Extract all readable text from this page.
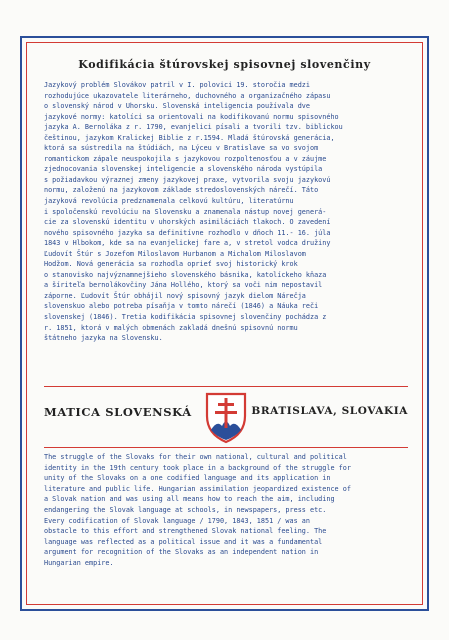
Kodifikácia štúrovskej spisovnej slovenčiny
Jazykový problém Slovákov patril v I. polovici 19. storočia medzi
rozhodujúce ukazovatele literárneho, duchovného a organizačného zápasu
o slovenský národ v Uhorsku. Slovenská inteligencia používala dve
jazykové normy: katolíci sa orientovali na kodifikovanú normu spisovného
jazyka A. Bernoláka z r. 1790, evanjelici písali a tvorili tzv. biblickou
češtinou, jazykom Kralickej Biblie z r.1594. Mladá štúrovská generácia,
ktorá sa sústredila na štúdiách, na Lýceu v Bratislave sa vo svojom
romantickom zápale neuspokojila s jazykovou rozpoltenosťou a v záujme
zjednocovania slovenskej inteligencie a slovenského národa vystúpila
s požiadavkou výraznej zmeny jazykovej praxe, vytvorila svoju jazykovú
normu, založenú na jazykovom základe stredoslovenských nárečí. Táto
jazyková revolúcia predznamenala celkovú kultúru, literatúrnu
i spoločenskú revolúciu na Slovensku a znamenala nástup novej generá-
cie za slovenskú identitu v uhorských asimiláciách tlakoch. O zavedení
nového spisovného jazyka sa definitívne rozhodlo v dňoch 11.- 16. júla
1843 v Hlbokom, kde sa na evanjelickej fare a, v stretol vodca družiny
Ľudovít Štúr s Jozefom Miloslavom Hurbanom a Michalom Miloslavom
Hodžom. Nová generácia sa rozhodla oprieť svoj historický krok
o stanovisko najvýznamnejšieho slovenského básnika, katolíckeho kňaza
a šíriteľa bernolákovčiny Jána Hollého, ktorý sa voči nim nepostavil
záporne. Ľudovít Štúr obhájil nový spisovný jazyk dielom Nárečja
slovenskuo alebo potreba písaňja v tomto nárečí (1846) a Náuka reči
slovenskej (1846). Tretia kodifikácia spisovnej slovenčiny pochádza z
r. 1851, ktorá v malých obmenách zakladá dnešnú spisovnú normu
štátneho jazyka na Slovensku.
MATICA SLOVENSKÁ	BRATISLAVA, SLOVAKIA
The struggle of the Slovaks for their own national, cultural and political
identity in the 19th century took place in a background of the struggle for
unity of the Slovaks on a one codified language and its application in
literature and public life. Hungarian assimilation jeopardized existence of
a Slovak nation and was using all means how to reach the aim, including
endangering the Slovak language at schools, in newspapers, press etc.
Every codification of Slovak language / 1790, 1843, 1851 / was an
obstacle to this effort and strengthened Slovak national feeling. The
language was reflected as a political issue and it was a fundamental
argument for recognition of the Slovaks as an independent nation in
Hungarian empire.
